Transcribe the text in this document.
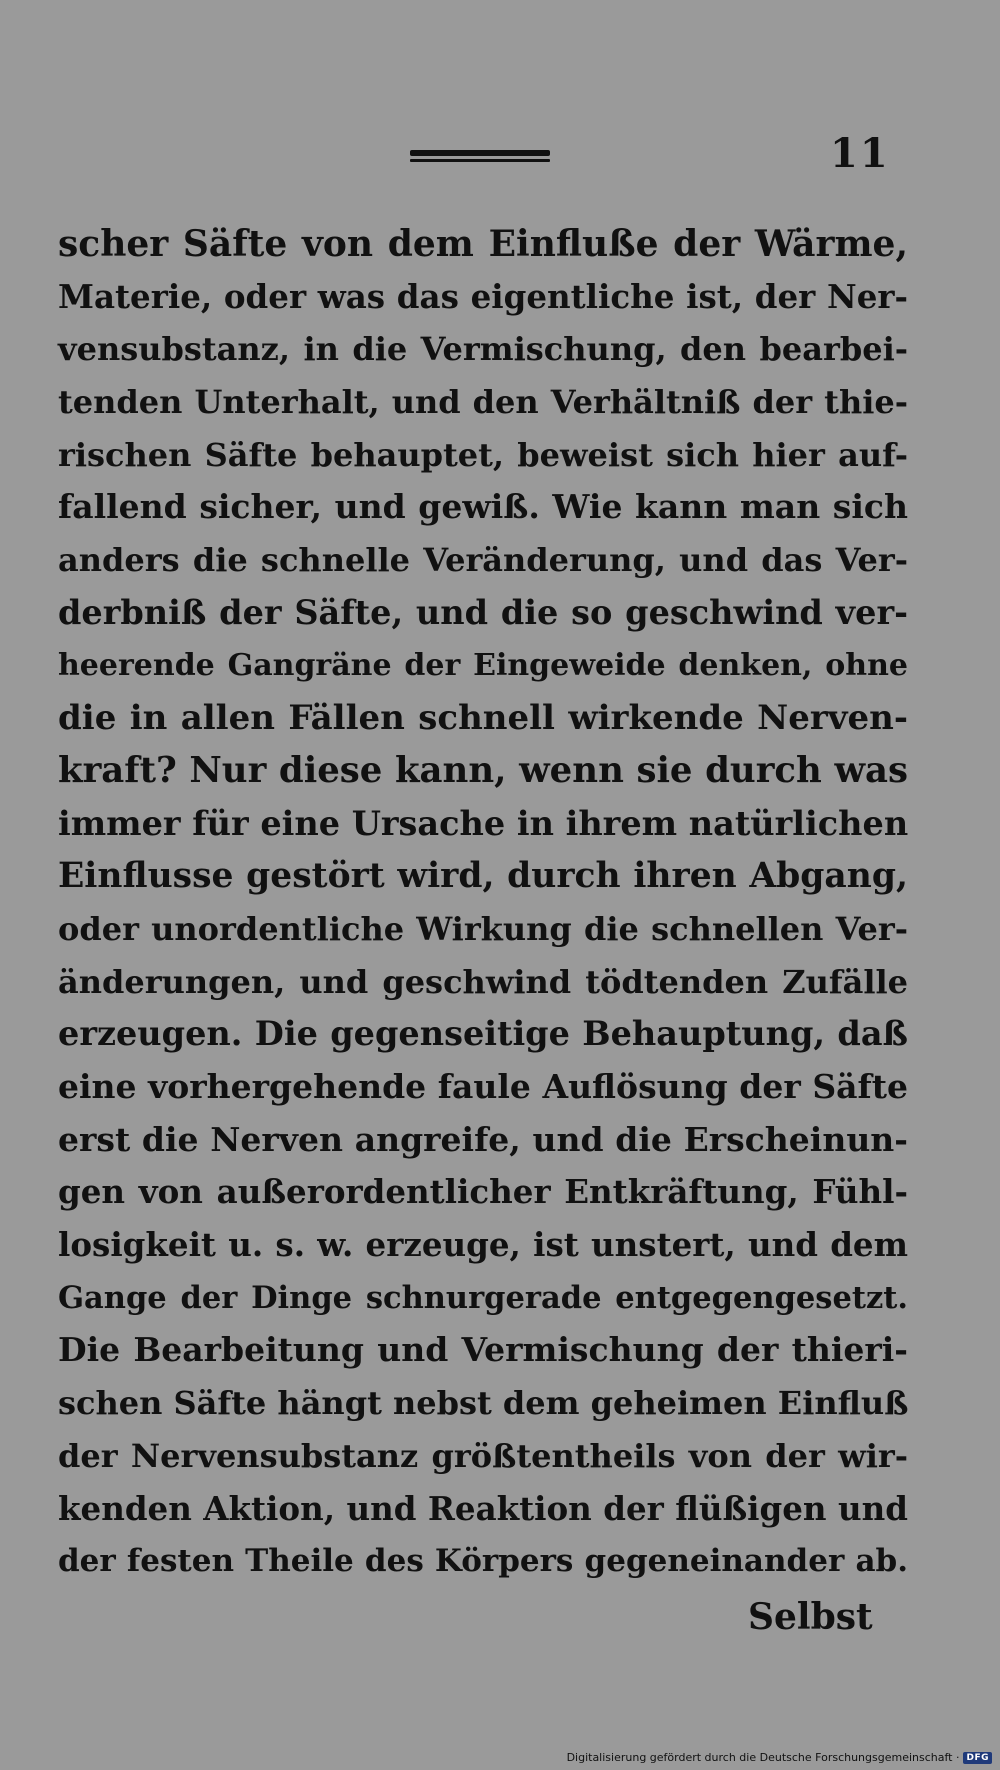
11
scher Säfte von dem Einfluße der Wärme,
Materie, oder was das eigentliche ist, der Ner-
vensubstanz, in die Vermischung, den bearbei-
tenden Unterhalt, und den Verhältniß der thie-
rischen Säfte behauptet, beweist sich hier auf-
fallend sicher, und gewiß. Wie kann man sich
anders die schnelle Veränderung, und das Ver-
derbniß der Säfte, und die so geschwind ver-
heerende Gangräne der Eingeweide denken, ohne
die in allen Fällen schnell wirkende Nerven-
kraft? Nur diese kann, wenn sie durch was
immer für eine Ursache in ihrem natürlichen
Einflusse gestört wird, durch ihren Abgang,
oder unordentliche Wirkung die schnellen Ver-
änderungen, und geschwind tödtenden Zufälle
erzeugen. Die gegenseitige Behauptung, daß
eine vorhergehende faule Auflösung der Säfte
erst die Nerven angreife, und die Erscheinun-
gen von außerordentlicher Entkräftung, Fühl-
losigkeit u. s. w. erzeuge, ist unstert, und dem
Gange der Dinge schnurgerade entgegengesetzt.
Die Bearbeitung und Vermischung der thieri-
schen Säfte hängt nebst dem geheimen Einfluß
der Nervensubstanz größtentheils von der wir-
kenden Aktion, und Reaktion der flüßigen und
der festen Theile des Körpers gegeneinander ab.
Selbst
Digitalisierung gefördert durch die Deutsche Forschungsgemeinschaft · DFG
